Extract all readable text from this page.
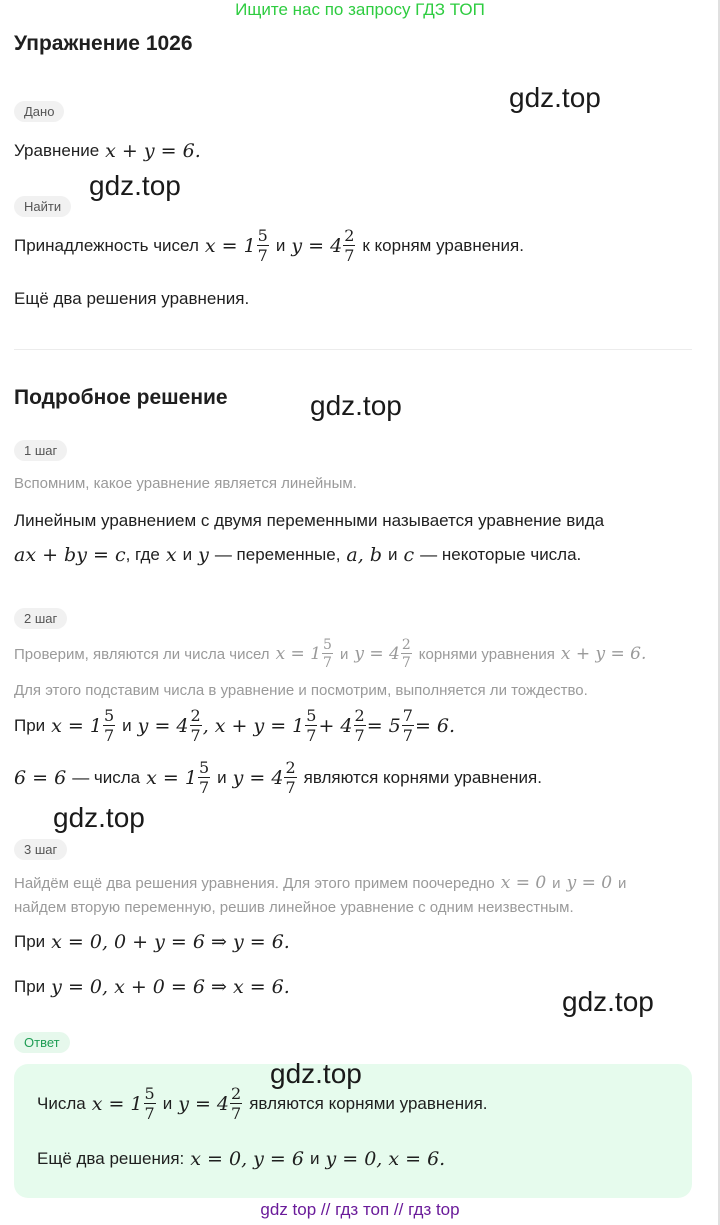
Ищите нас по запросу ГДЗ ТОП
Упражнение 1026
gdz.top
Дано
Уравнение x + y = 6.
gdz.top
Найти
Принадлежность чисел $x = 1 \frac{5}{7}$ и $y = 4 \frac{2}{7}$ к корням уравнения.
Ещё два решения уравнения.
Подробное решение	gdz.top
1 шаг
Вспомним, какое уравнение является линейным.
Линейным уравнением с двумя переменными называется уравнение вида
ax + by = c , где x и y — переменные, a, b и c — некоторые числа.
2 шаг
Проверим, являются ли числа чисел $x = 1 \frac{5}{7}$ и $y = 4 \frac{2}{7}$ корнями уравнения x + y = 6.
Для этого подставим числа в уравнение и посмотрим, выполняется ли тождество.
При $x = 1 \frac{5}{7}$ и $y = 4 \frac{2}{7}$ , $x + y = 1 \frac{5}{7} + 4 \frac{2}{7} = 5 \frac{7}{7} = 6$.
6 = 6 — числа $x = 1 \frac{5}{7}$ и $y = 4 \frac{2}{7}$ являются корнями уравнения.
gdz.top
3 шаг
Найдём ещё два решения уравнения. Для этого примем поочередно x = 0 и y = 0 и
найдем вторую переменную, решив линейное уравнение с одним неизвестным.
При x = 0, 0 + y = 6 ⇒ y = 6.
При y = 0, x + 0 = 6 ⇒ x = 6.	gdz.top
Ответ
gdz.top
Числа $x = 1 \frac{5}{7}$ и $y = 4 \frac{2}{7}$ являются корнями уравнения.
Ещё два решения: x = 0, y = 6 и y = 0, x = 6.
gdz top // гдз топ // гдз top
